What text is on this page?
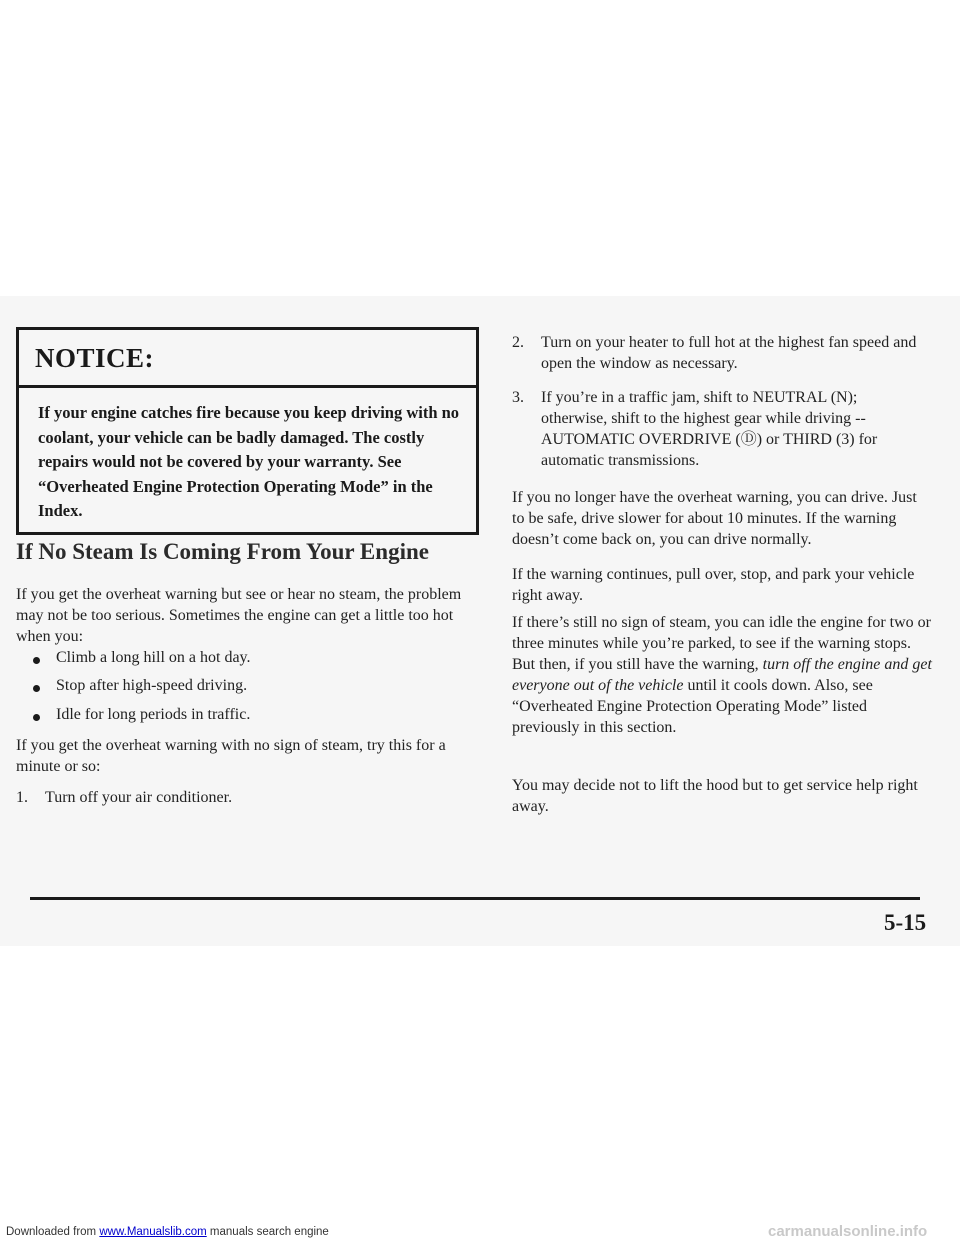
NOTICE:
If your engine catches fire because you keep driving with no coolant, your vehicle can be badly damaged. The costly repairs would not be covered by your warranty. See “Overheated Engine Protection Operating Mode” in the Index.
If No Steam Is Coming From Your Engine
If you get the overheat warning but see or hear no steam, the problem may not be too serious. Sometimes the engine can get a little too hot when you:
Climb a long hill on a hot day.
Stop after high-speed driving.
Idle for long periods in traffic.
If you get the overheat warning with no sign of steam, try this for a minute or so:
1. Turn off your air conditioner.
2. Turn on your heater to full hot at the highest fan speed and open the window as necessary.
3. If you’re in a traffic jam, shift to NEUTRAL (N); otherwise, shift to the highest gear while driving -- AUTOMATIC OVERDRIVE (Ⓓ) or THIRD (3) for automatic transmissions.
If you no longer have the overheat warning, you can drive. Just to be safe, drive slower for about 10 minutes. If the warning doesn’t come back on, you can drive normally.
If the warning continues, pull over, stop, and park your vehicle right away.
If there’s still no sign of steam, you can idle the engine for two or three minutes while you’re parked, to see if the warning stops. But then, if you still have the warning, turn off the engine and get everyone out of the vehicle until it cools down. Also, see “Overheated Engine Protection Operating Mode” listed previously in this section.
You may decide not to lift the hood but to get service help right away.
5-15
Downloaded from www.Manualslib.com manuals search engine	carmanualsonline.info
